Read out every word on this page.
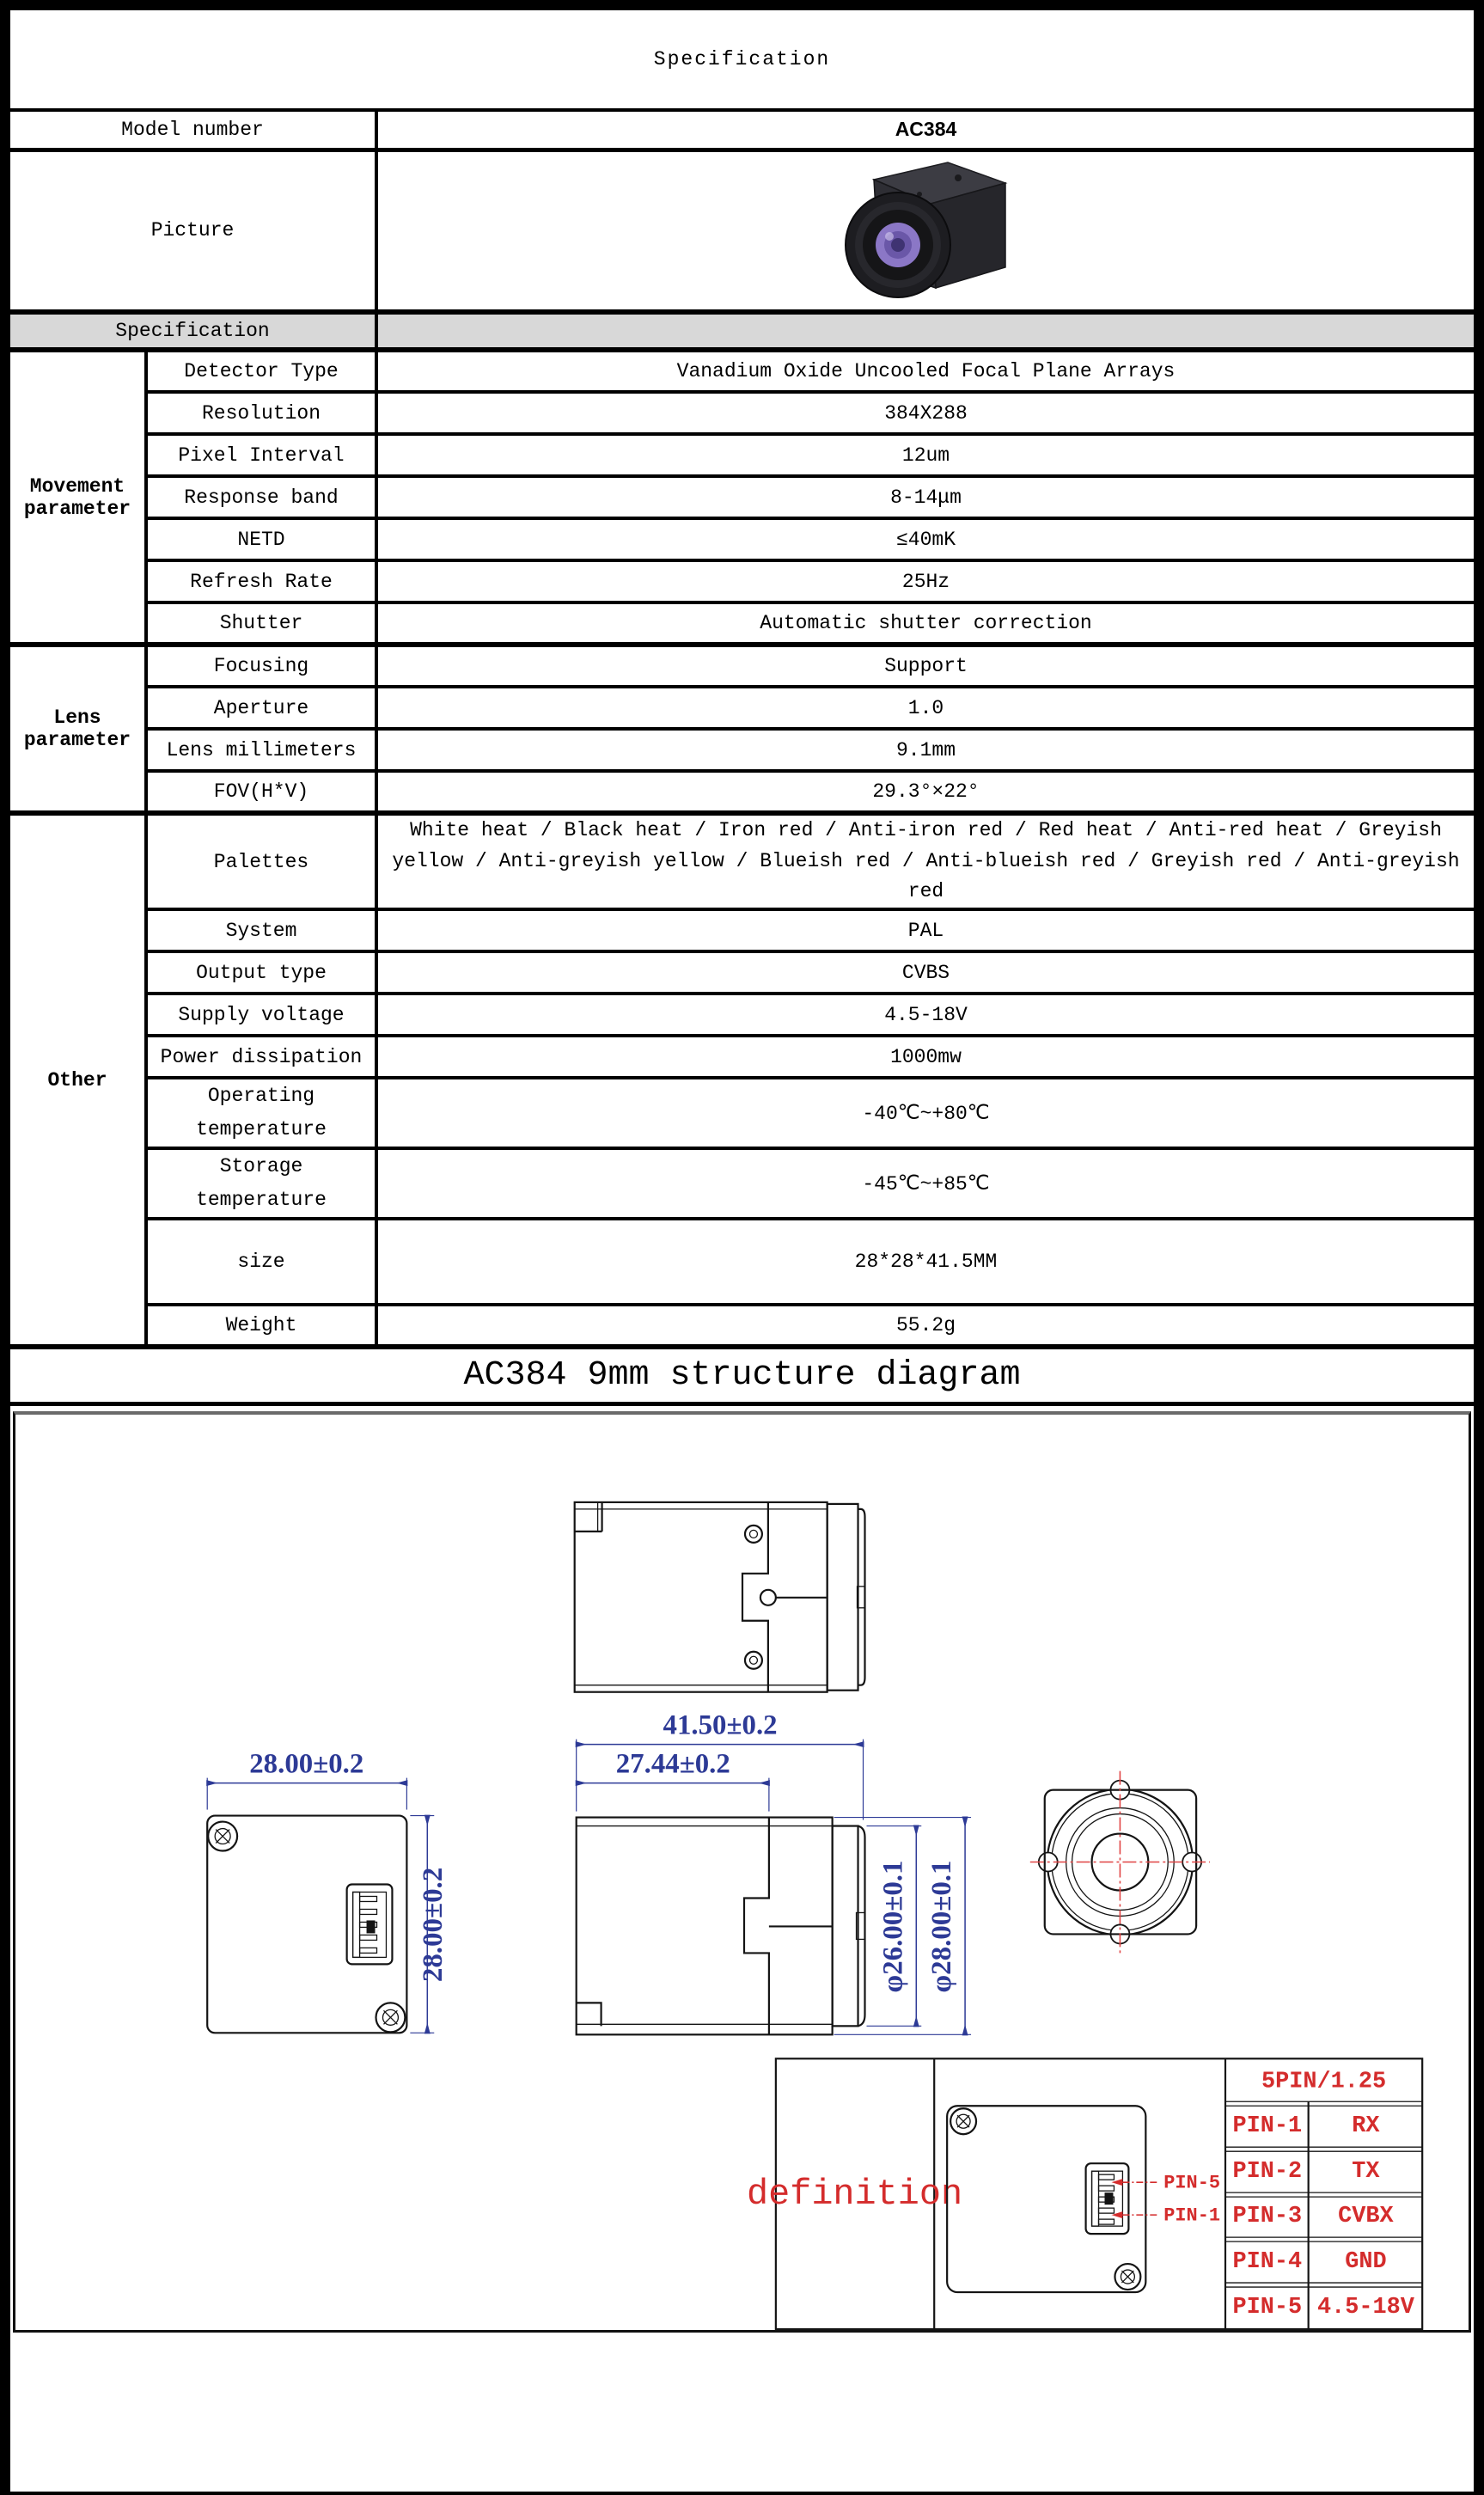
Specification		
Model number		AC384
Picture	

Specification		
Movement parameter	Detector Type	Vanadium Oxide Uncooled Focal Plane Arrays
	Resolution	384X288
	Pixel Interval	12um
	Response band	8-14μm
	NETD	≤40mK
	Refresh Rate	25Hz
	Shutter	Automatic shutter correction
Lens parameter	Focusing	Support
	Aperture	1.0
	Lens millimeters	9.1mm
	FOV(H*V)	29.3°×22°
Other	Palettes	White heat / Black heat / Iron red / Anti-iron red / Red heat / Anti-red heat / Greyish yellow / Anti-greyish yellow / Blueish red / Anti-blueish red / Greyish red / Anti-greyish red
	System	PAL
	Output type	CVBS
	Supply voltage	4.5-18V
	Power dissipation	1000mw
	Operating temperature	-40℃~+80℃
	Storage temperature	-45℃~+85℃
	size	28*28*41.5MM
	Weight	55.2g
AC384 9mm structure diagram		

41.50±0.2
27.44±0.2
28.00±0.2
28.00±0.2	φ26.00±0.1 φ28.00±0.1
definition
5PIN/1.25
PIN-1 RX
PIN-2 TX
PIN-3 CVBX
PIN-4 GND
PIN-5 4.5-18V
PIN-5
PIN-1
